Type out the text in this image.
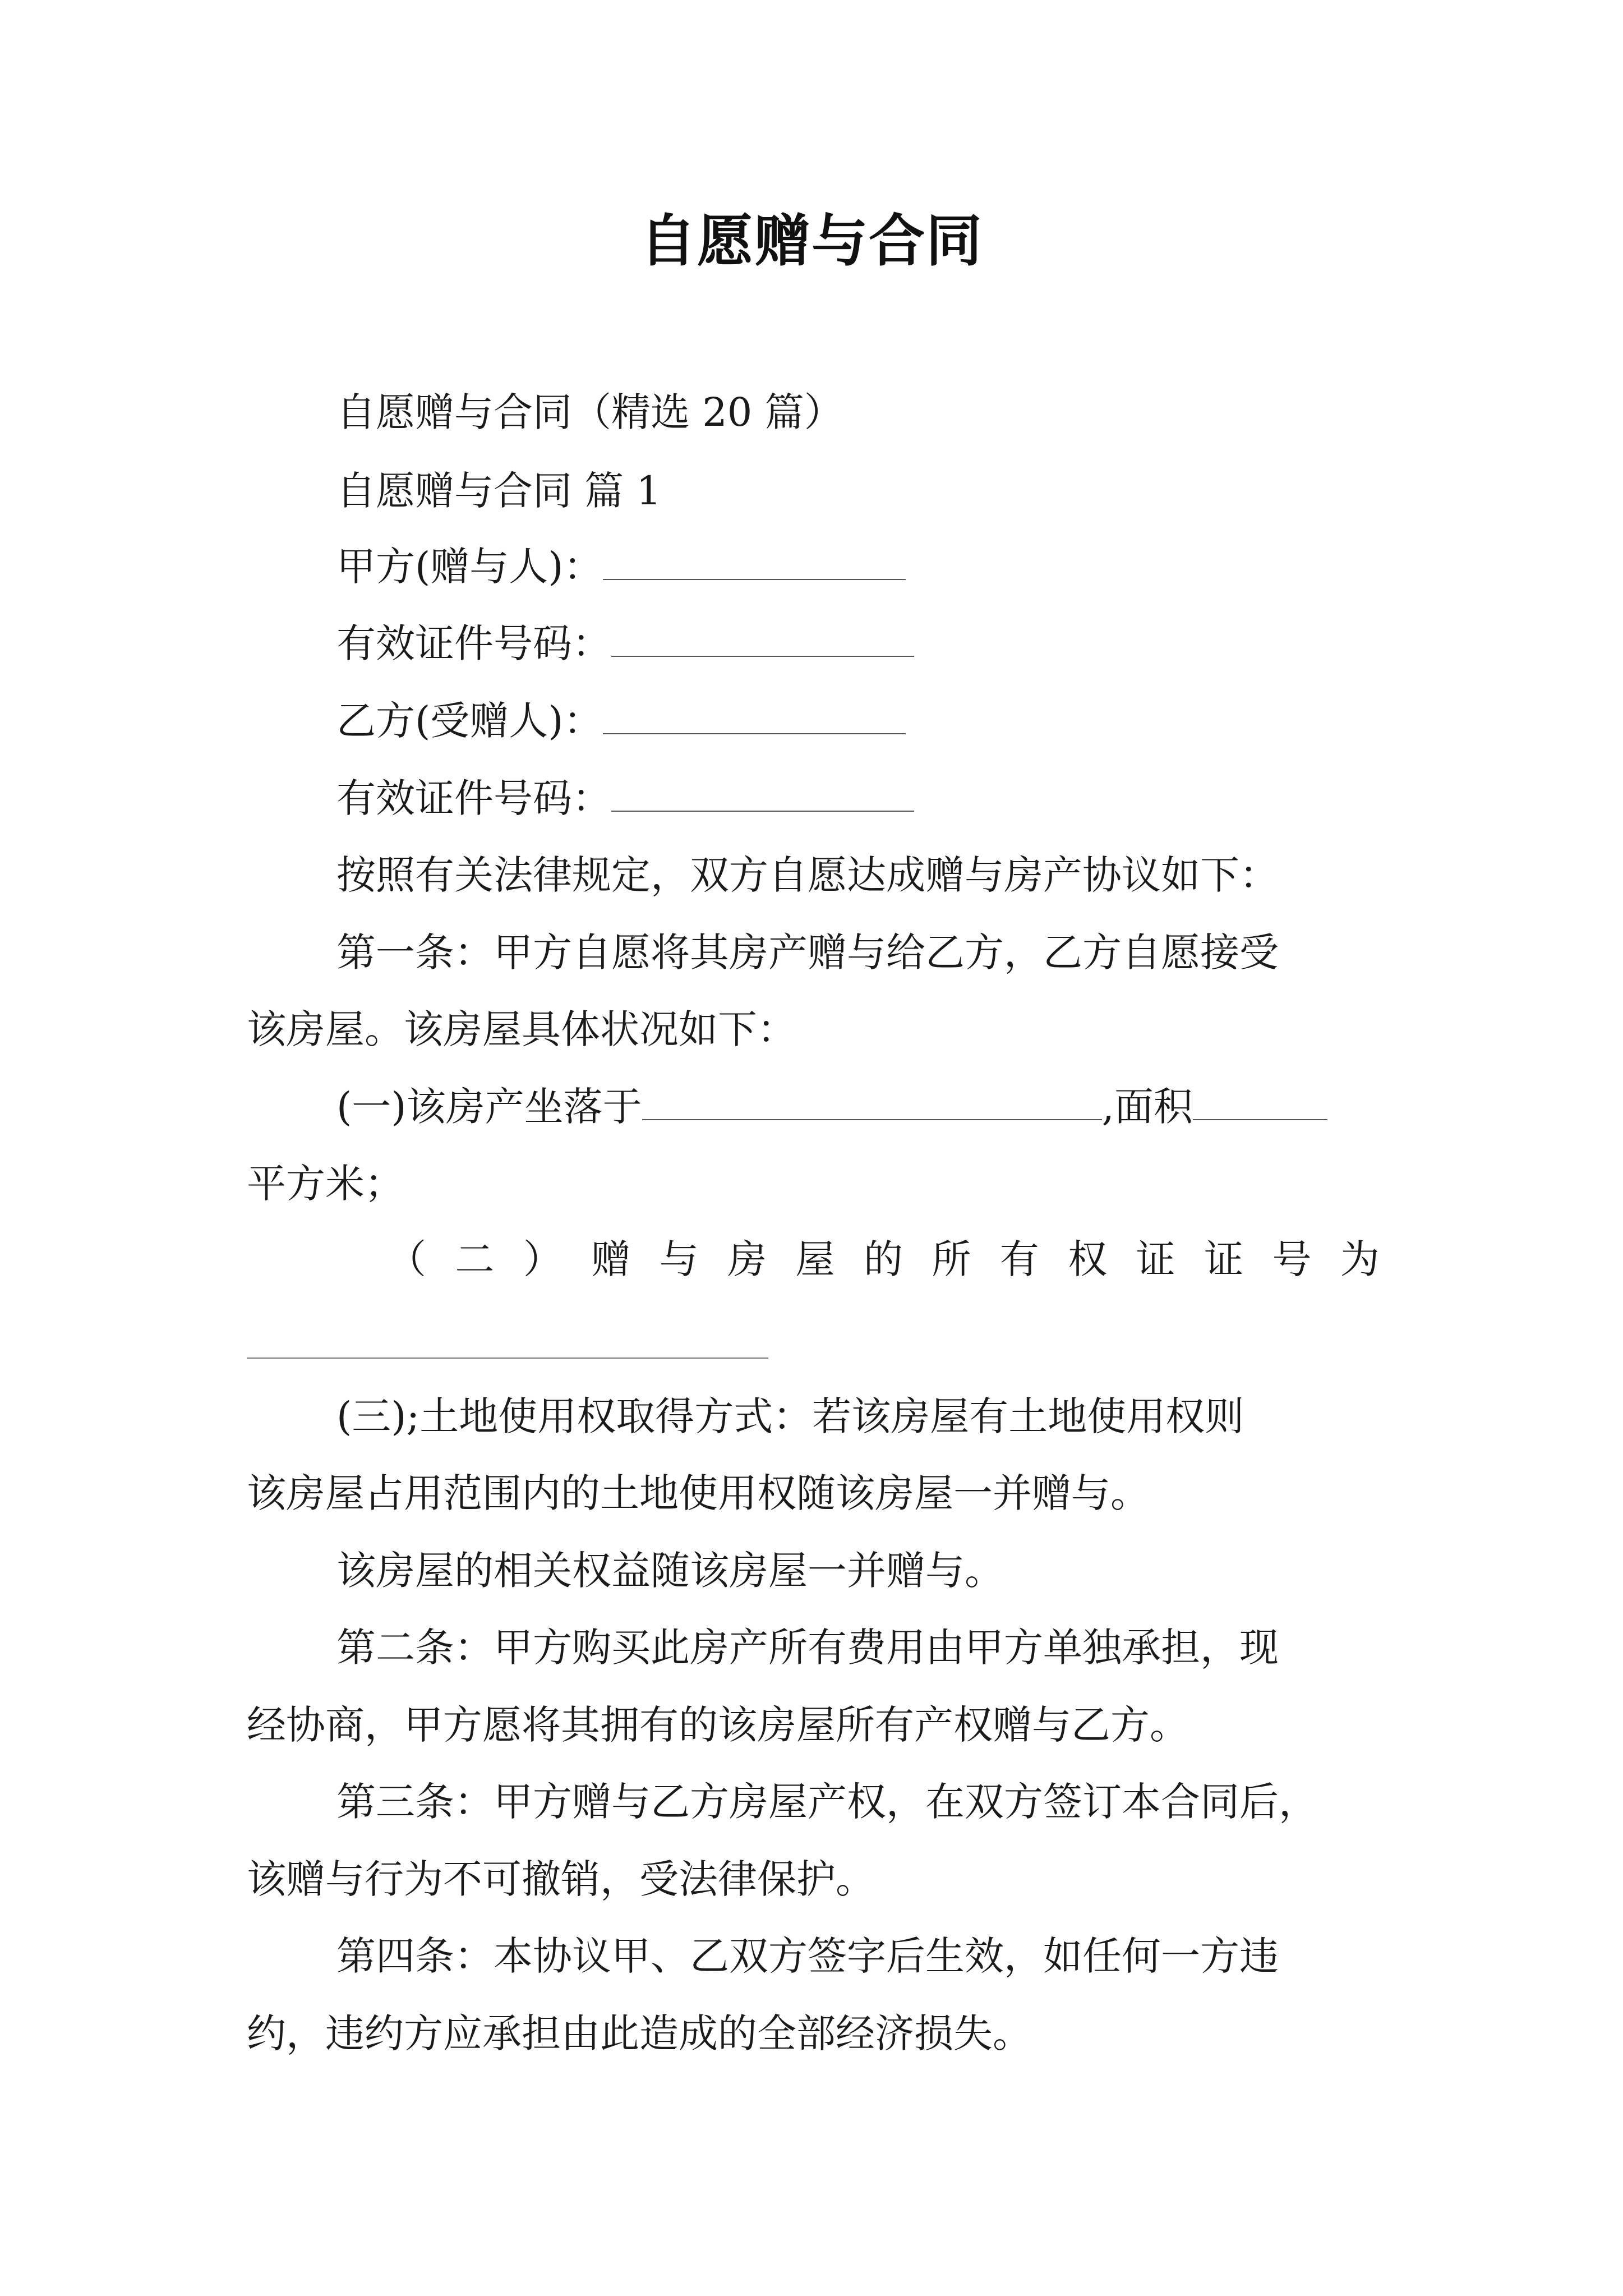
自愿赠与合同
自愿赠与合同（精选 20 篇）
自愿赠与合同 篇 1
甲方(赠与人)：
有效证件号码：
乙方(受赠人)：
有效证件号码：
按照有关法律规定，双方自愿达成赠与房产协议如下：
第一条：甲方自愿将其房产赠与给乙方，乙方自愿接受
该房屋。该房屋具体状况如下：
(一)该房产坐落于	,面积
平方米；
（ 二 ） 赠 与 房 屋 的 所 有 权 证 证 号 为
(三);土地使用权取得方式：若该房屋有土地使用权则
该房屋占用范围内的土地使用权随该房屋一并赠与。
该房屋的相关权益随该房屋一并赠与。
第二条：甲方购买此房产所有费用由甲方单独承担，现
经协商，甲方愿将其拥有的该房屋所有产权赠与乙方。
第三条：甲方赠与乙方房屋产权，在双方签订本合同后，
该赠与行为不可撤销，受法律保护。
第四条：本协议甲、乙双方签字后生效，如任何一方违
约，违约方应承担由此造成的全部经济损失。
